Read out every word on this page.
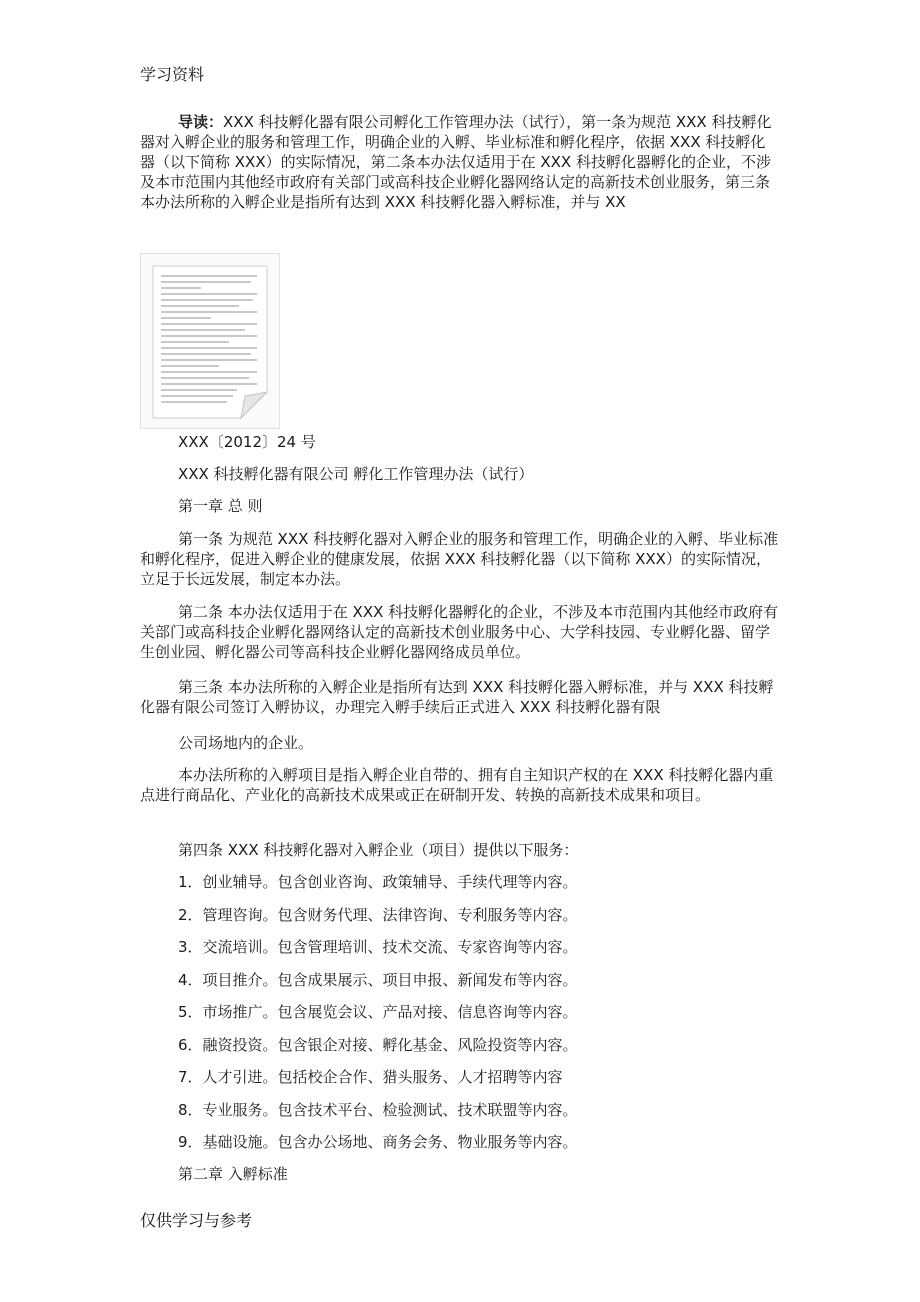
学习资料

导读：XXX 科技孵化器有限公司孵化工作管理办法（试行），第一条为规范 XXX 科技孵化器对入孵企业的服务和管理工作，明确企业的入孵、毕业标准和孵化程序，依据 XXX 科技孵化器（以下简称 XXX）的实际情况，第二条本办法仅适用于在 XXX 科技孵化器孵化的企业，不涉及本市范围内其他经市政府有关部门或高科技企业孵化器网络认定的高新技术创业服务，第三条本办法所称的入孵企业是指所有达到 XXX 科技孵化器入孵标准，并与 XX

XXX〔2012〕24 号
XXX 科技孵化器有限公司 孵化工作管理办法（试行）
第一章 总 则

第一条 为规范 XXX 科技孵化器对入孵企业的服务和管理工作，明确企业的入孵、毕业标准和孵化程序，促进入孵企业的健康发展，依据 XXX 科技孵化器（以下简称 XXX）的实际情况，立足于长远发展，制定本办法。

第二条 本办法仅适用于在 XXX 科技孵化器孵化的企业，不涉及本市范围内其他经市政府有关部门或高科技企业孵化器网络认定的高新技术创业服务中心、大学科技园、专业孵化器、留学生创业园、孵化器公司等高科技企业孵化器网络成员单位。

第三条 本办法所称的入孵企业是指所有达到 XXX 科技孵化器入孵标准，并与 XXX 科技孵化器有限公司签订入孵协议，办理完入孵手续后正式进入 XXX 科技孵化器有限

公司场地内的企业。

本办法所称的入孵项目是指入孵企业自带的、拥有自主知识产权的在 XXX 科技孵化器内重点进行商品化、产业化的高新技术成果或正在研制开发、转换的高新技术成果和项目。

第四条 XXX 科技孵化器对入孵企业（项目）提供以下服务：
1．创业辅导。包含创业咨询、政策辅导、手续代理等内容。
2．管理咨询。包含财务代理、法律咨询、专利服务等内容。
3．交流培训。包含管理培训、技术交流、专家咨询等内容。
4．项目推介。包含成果展示、项目申报、新闻发布等内容。
5．市场推广。包含展览会议、产品对接、信息咨询等内容。
6．融资投资。包含银企对接、孵化基金、风险投资等内容。
7．人才引进。包括校企合作、猎头服务、人才招聘等内容
8．专业服务。包含技术平台、检验测试、技术联盟等内容。
9．基础设施。包含办公场地、商务会务、物业服务等内容。
第二章 入孵标准
仅供学习与参考
